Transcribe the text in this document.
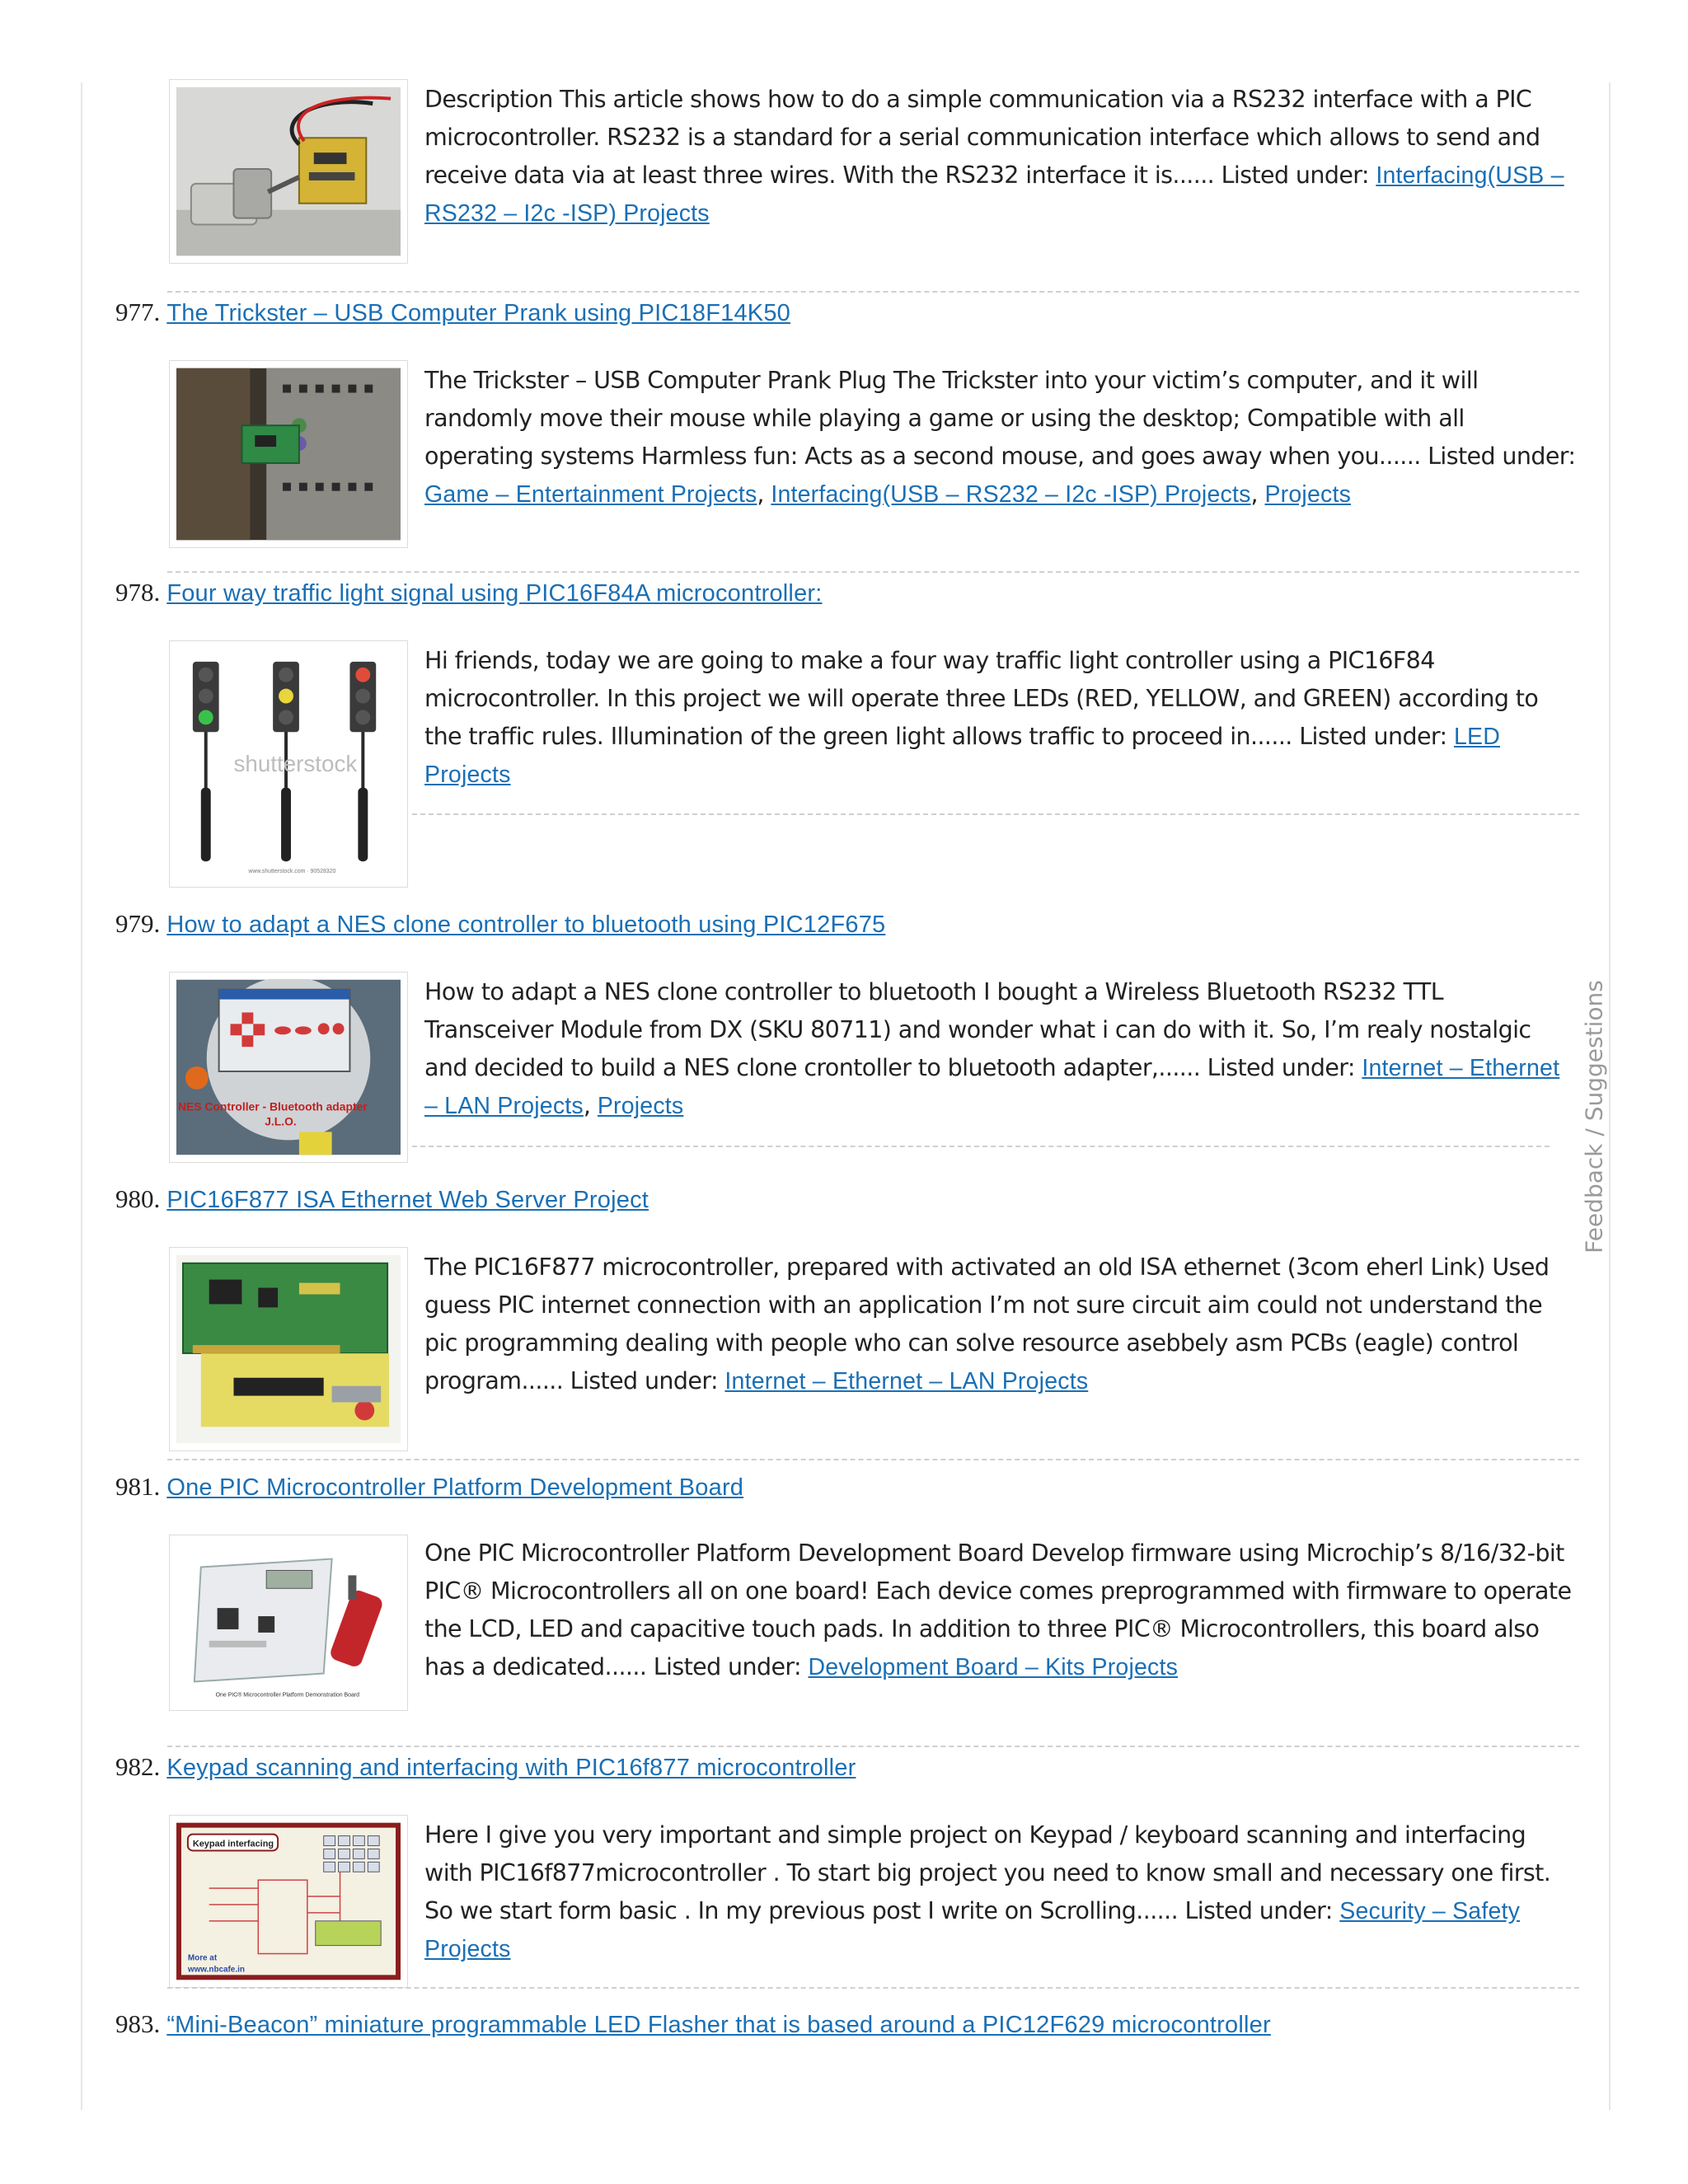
Description This article shows how to do a simple communication via a RS232 interface with a PIC microcontroller. RS232 is a standard for a serial communication interface which allows to send and receive data via at least three wires. With the RS232 interface it is...... Listed under: Interfacing(USB – RS232 – I2c -ISP) Projects
977. The Trickster – USB Computer Prank using PIC18F14K50
The Trickster – USB Computer Prank Plug The Trickster into your victim’s computer, and it will randomly move their mouse while playing a game or using the desktop; Compatible with all operating systems Harmless fun: Acts as a second mouse, and goes away when you...... Listed under: Game – Entertainment Projects, Interfacing(USB – RS232 – I2c -ISP) Projects, Projects
978. Four way traffic light signal using PIC16F84A microcontroller:
shutterstock
www.shutterstock.com · 90528320
Hi friends, today we are going to make a four way traffic light controller using a PIC16F84 microcontroller. In this project we will operate three LEDs (RED, YELLOW, and GREEN) according to the traffic rules. Illumination of the green light allows traffic to proceed in...... Listed under: LED Projects
979. How to adapt a NES clone controller to bluetooth using PIC12F675
NES Controller - Bluetooth adapter
J.L.O.
How to adapt a NES clone controller to bluetooth I bought a Wireless Bluetooth RS232 TTL Transceiver Module from DX (SKU 80711) and wonder what i can do with it. So, I’m realy nostalgic and decided to build a NES clone crontoller to bluetooth adapter,...... Listed under: Internet – Ethernet – LAN Projects, Projects
980. PIC16F877 ISA Ethernet Web Server Project
The PIC16F877 microcontroller, prepared with activated an old ISA ethernet (3com eherl Link) Used guess PIC internet connection with an application I’m not sure circuit aim could not understand the pic programming dealing with people who can solve resource asebbely asm PCBs (eagle) control program...... Listed under: Internet – Ethernet – LAN Projects
981. One PIC Microcontroller Platform Development Board
One PIC® Microcontroller Platform Demonstration Board
One PIC Microcontroller Platform Development Board Develop firmware using Microchip’s 8/16/32-bit PIC® Microcontrollers all on one board! Each device comes preprogrammed with firmware to operate the LCD, LED and capacitive touch pads. In addition to three PIC® Microcontrollers, this board also has a dedicated...... Listed under: Development Board – Kits Projects
982. Keypad scanning and interfacing with PIC16f877 microcontroller
Keypad interfacing
More at
www.nbcafe.in
Here I give you very important and simple project on Keypad / keyboard scanning and interfacing with PIC16f877microcontroller . To start big project you need to know small and necessary one first. So we start form basic . In my previous post I write on Scrolling...... Listed under: Security – Safety Projects
983. “Mini-Beacon” miniature programmable LED Flasher that is based around a PIC12F629 microcontroller
Feedback / Suggestions
